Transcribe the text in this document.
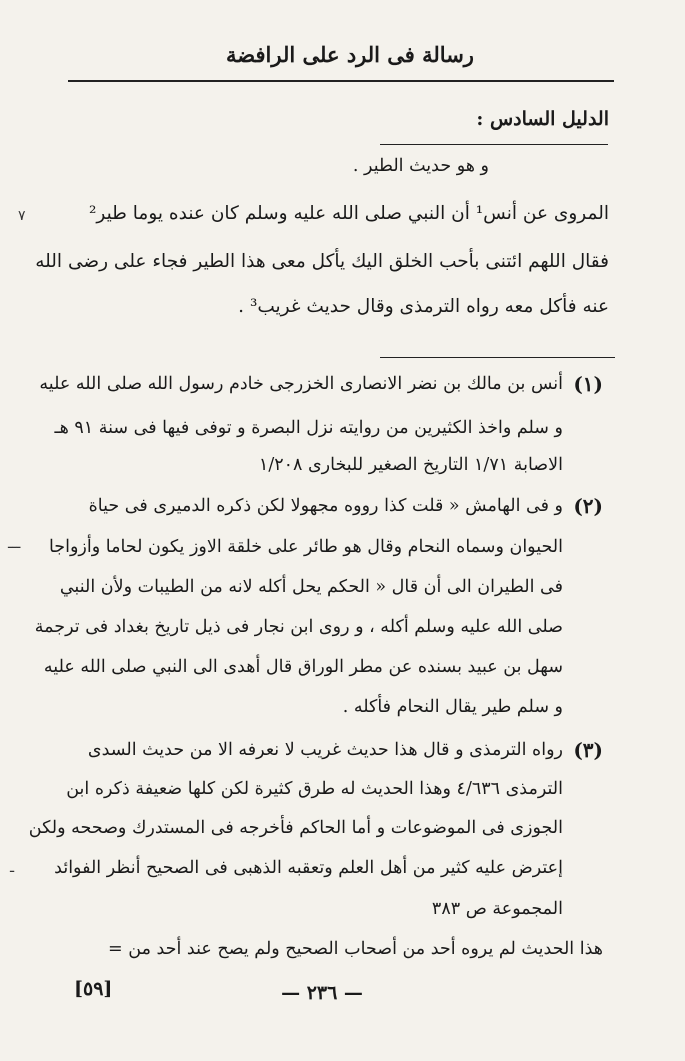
رسالة فى الرد على الرافضة
الدليل السادس :
و هو حديث الطير .
المروى عن أنس¹ أن النبي صلى الله عليه وسلم كان عنده يوما طير²
فقال اللهم ائتنى بأحب الخلق اليك يأكل معى هذا الطير فجاء على رضى الله
عنه فأكل معه رواه الترمذى وقال حديث غريب³ .
(١)
أنس بن مالك بن نضر الانصارى الخزرجى خادم رسول الله صلى الله عليه
و سلم واخذ الكثيرين من روايته نزل البصرة و توفى فيها فى سنة ٩١ هـ
الاصابة ١/٧١ التاريخ الصغير للبخارى ١/٢٠٨
(٢)
و فى الهامش « قلت كذا رووه مجهولا لكن ذكره الدميرى فى حياة
الحيوان وسماه النحام وقال هو طائر على خلقة الاوز يكون لحاما وأزواجا
فى الطيران الى أن قال « الحكم يحل أكله لانه من الطيبات ولأن النبي
صلى الله عليه وسلم أكله ، و روى ابن نجار فى ذيل تاريخ بغداد فى ترجمة
سهل بن عبيد بسنده عن مطر الوراق قال أهدى الى النبي صلى الله عليه
و سلم طير يقال النحام فأكله .
(٣)
رواه الترمذى و قال هذا حديث غريب لا نعرفه الا من حديث السدى
الترمذى ٤/٦٣٦ وهذا الحديث له طرق كثيرة لكن كلها ضعيفة ذكره ابن
الجوزى فى الموضوعات و أما الحاكم فأخرجه فى المستدرك وصححه ولكن
إعترض عليه كثير من أهل العلم وتعقبه الذهبى فى الصحيح أنظر الفوائد
المجموعة ص ٣٨٣
هذا الحديث لم يروه أحد من أصحاب الصحيح ولم يصح عند أحد من =
٧
ـــ
ـ
[٥٩]	— ٢٣٦ —
